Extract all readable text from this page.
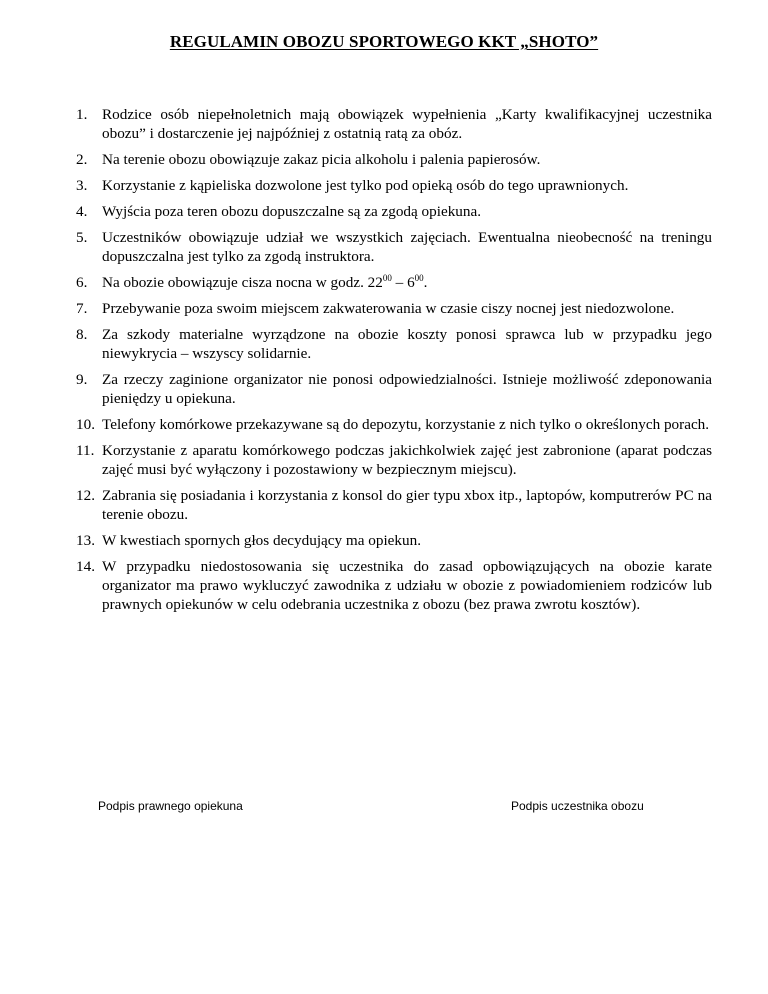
REGULAMIN OBOZU SPORTOWEGO KKT „SHOTO”
1. Rodzice osób niepełnoletnich mają obowiązek wypełnienia „Karty kwalifikacyjnej uczestnika obozu” i dostarczenie jej najpóźniej z ostatnią ratą za obóz.
2. Na terenie obozu obowiązuje zakaz picia alkoholu i palenia papierosów.
3. Korzystanie z kąpieliska dozwolone jest tylko pod opieką osób do tego uprawnionych.
4. Wyjścia poza teren obozu dopuszczalne są za zgodą opiekuna.
5. Uczestników obowiązuje udział we wszystkich zajęciach. Ewentualna nieobecność na treningu dopuszczalna jest tylko za zgodą instruktora.
6. Na obozie obowiązuje cisza nocna w godz. $22^{00} - 6^{00}$.
7. Przebywanie poza swoim miejscem zakwaterowania w czasie ciszy nocnej jest niedozwolone.
8. Za szkody materialne wyrządzone na obozie koszty ponosi sprawca lub w przypadku jego niewykrycia – wszyscy solidarnie.
9. Za rzeczy zaginione organizator nie ponosi odpowiedzialności. Istnieje możliwość zdeponowania pieniędzy u opiekuna.
10. Telefony komórkowe przekazywane są do depozytu, korzystanie z nich tylko o określonych porach.
11. Korzystanie z aparatu komórkowego podczas jakichkolwiek zajęć jest zabronione (aparat podczas zajęć musi być wyłączony i pozostawiony w bezpiecznym miejscu).
12. Zabrania się posiadania i korzystania z konsol do gier typu xbox itp., laptopów, komputrerów PC na terenie obozu.
13. W kwestiach spornych głos decydujący ma opiekun.
14. W przypadku niedostosowania się uczestnika do zasad opbowiązujących na obozie karate organizator ma prawo wykluczyć zawodnika z udziału w obozie z powiadomieniem rodziców lub prawnych opiekunów w celu odebrania uczestnika z obozu (bez prawa zwrotu kosztów).
Podpis prawnego opiekuna	Podpis uczestnika obozu
